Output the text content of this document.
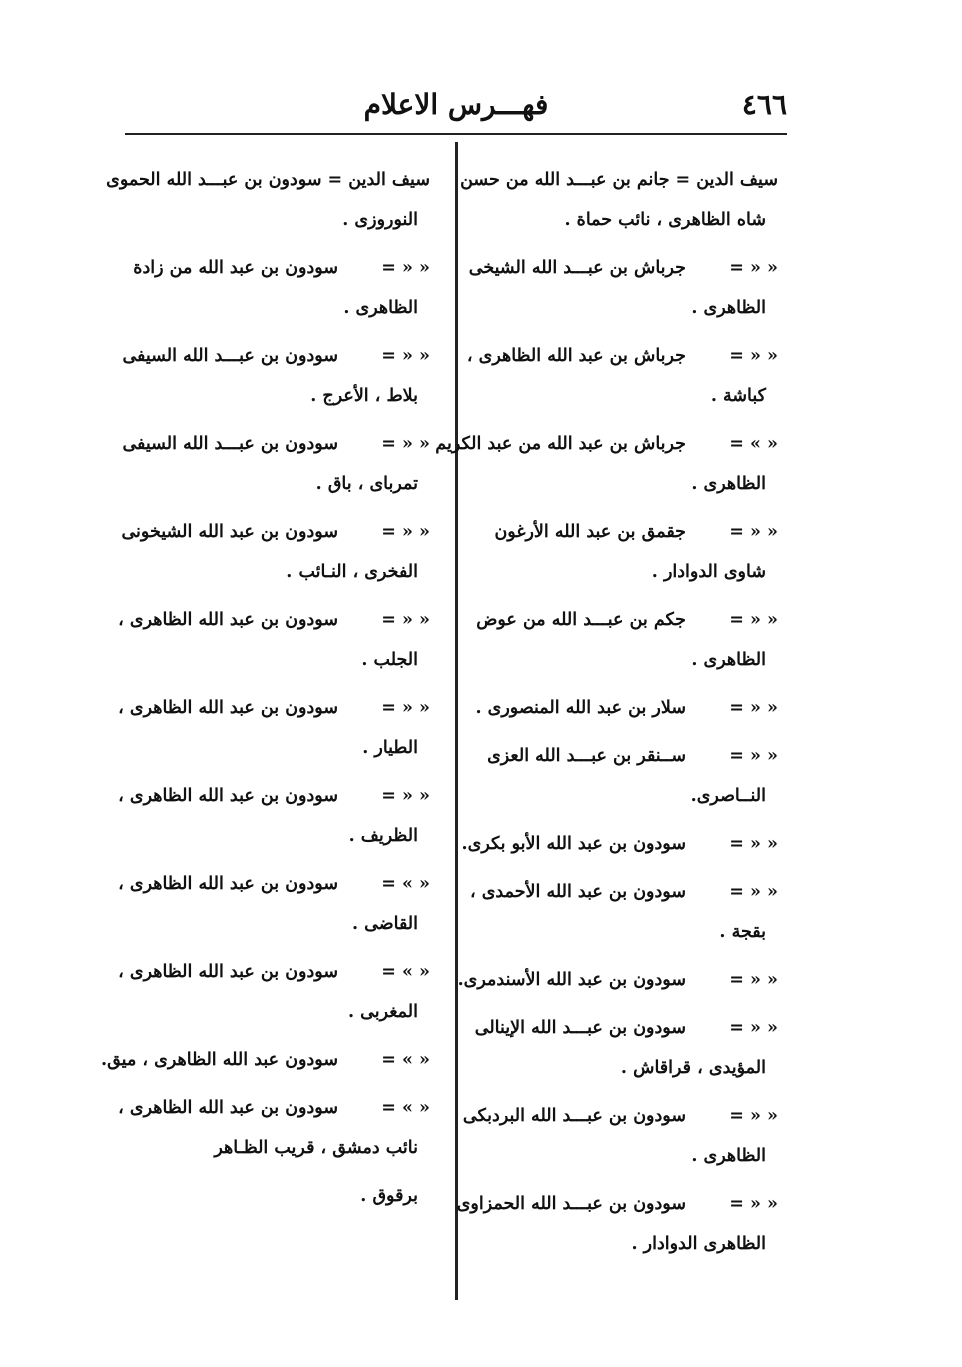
٤٦٦
فهـــرس الاعلام
سيف الدين =
جانم بن عبـــد الله من حسن
شاه الظاهرى ، نائب حماة .
« « =
جرباش بن عبـــد الله الشيخى
الظاهرى .
« « =
جرباش بن عبد الله الظاهرى ،
كباشة .
« » =
جرباش بن عبد الله من عبد الكريم
الظاهرى .
« « =
جقمق بن عبد الله الأرغون
شاوى الدوادار .
« « =
جكم بن عبـــد الله من عوض
الظاهرى .
« « =
سلار بن عبد الله المنصورى .
« « =
ســنقر بن عبـــد الله العزى
النــاصرى.
« « =
سودون بن عبد الله الأبو بكرى.
« « =
سودون بن عبد الله الأحمدى ،
بقجة .
« « =
سودون بن عبد الله الأسندمرى.
« « =
سودون بن عبـــد الله الإينالى
المؤيدى ، قراقاش .
« « =
سودون بن عبـــد الله البردبكى
الظاهرى .
« « =
سودون بن عبـــد الله الحمزاوى
الظاهرى الدوادار .
سيف الدين =
سودون بن عبـــد الله الحموى
النوروزى .
« « =
سودون بن عبد الله من زادة
الظاهرى .
« « =
سودون بن عبـــد الله السيفى
بلاط ، الأعرج .
« « =
سودون بن عبـــد الله السيفى
تمرباى ، باق .
« « =
سودون بن عبد الله الشيخونى
الفخرى ، النـائب .
« « =
سودون بن عبد الله الظاهرى ،
الجلب .
« « =
سودون بن عبد الله الظاهرى ،
الطيار .
« « =
سودون بن عبد الله الظاهرى ،
الظريف .
« » =
سودون بن عبد الله الظاهرى ،
القاضى .
« » =
سودون بن عبد الله الظاهرى ،
المغربى .
« » =
سودون عبد الله الظاهرى ، ميق.
« » =
سودون بن عبد الله الظاهرى ،
نائب دمشق ، قريب الظـاهر
برقوق .
